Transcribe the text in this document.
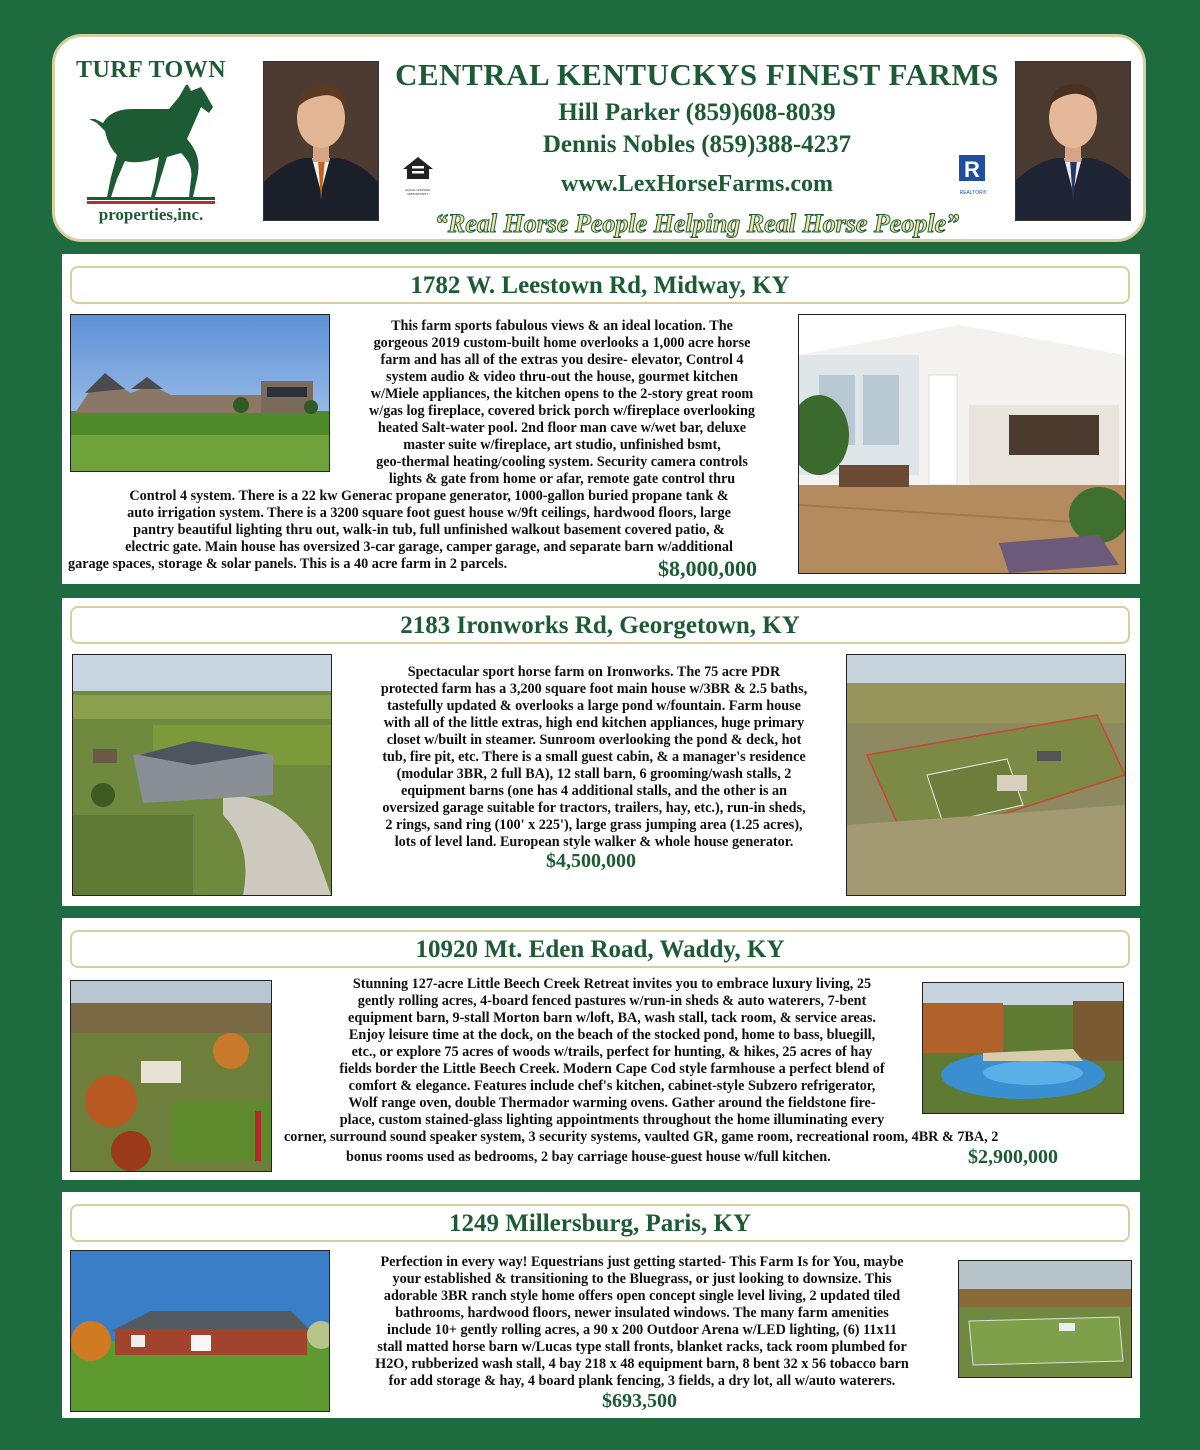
TURF TOWN
properties,inc.
CENTRAL KENTUCKYS FINEST FARMS
Hill Parker (859)608-8039
Dennis Nobles (859)388-4237
www.LexHorseFarms.com
“Real Horse People Helping Real Horse People”
EQUAL HOUSING OPPORTUNITY
R
REALTOR®
1782 W. Leestown Rd, Midway, KY

This farm sports fabulous views & an ideal location. The

gorgeous 2019 custom-built home overlooks a 1,000 acre horse

farm and has all of the extras you desire- elevator, Control 4

system audio & video thru-out the house, gourmet kitchen

w/Miele appliances, the kitchen opens to the 2-story great room

w/gas log fireplace, covered brick porch w/fireplace overlooking

heated Salt-water pool. 2nd floor man cave w/wet bar, deluxe

master suite w/fireplace, art studio, unfinished bsmt,

geo-thermal heating/cooling system. Security camera controls

lights & gate from home or afar, remote gate control thru

Control 4 system. There is a 22 kw Generac propane generator, 1000-gallon buried propane tank &

auto irrigation system. There is a 3200 square foot guest house w/9ft ceilings, hardwood floors, large

pantry beautiful lighting thru out, walk-in tub, full unfinished walkout basement covered patio, &

electric gate. Main house has oversized 3-car garage, camper garage, and separate barn w/additional

garage spaces, storage & solar panels. This is a 40 acre farm in 2 parcels.	$8,000,000
2183 Ironworks Rd, Georgetown, KY

Spectacular sport horse farm on Ironworks. The 75 acre PDR

protected farm has a 3,200 square foot main house w/3BR & 2.5 baths,

tastefully updated & overlooks a large pond w/fountain. Farm house

with all of the little extras, high end kitchen appliances, huge primary

closet w/built in steamer. Sunroom overlooking the pond & deck, hot

tub, fire pit, etc. There is a small guest cabin, & a manager's residence

(modular 3BR, 2 full BA), 12 stall barn, 6 grooming/wash stalls, 2

equipment barns (one has 4 additional stalls, and the other is an

oversized garage suitable for tractors, trailers, hay, etc.), run-in sheds,

2 rings, sand ring (100' x 225'), large grass jumping area (1.25 acres),

lots of level land. European style walker & whole house generator.

$4,500,000
10920 Mt. Eden Road, Waddy, KY

Stunning 127-acre Little Beech Creek Retreat invites you to embrace luxury living, 25

gently rolling acres, 4-board fenced pastures w/run-in sheds & auto waterers, 7-bent

equipment barn, 9-stall Morton barn w/loft, BA, wash stall, tack room, & service areas.

Enjoy leisure time at the dock, on the beach of the stocked pond, home to bass, bluegill,

etc., or explore 75 acres of woods w/trails, perfect for hunting, & hikes, 25 acres of hay

fields border the Little Beech Creek. Modern Cape Cod style farmhouse a perfect blend of

comfort & elegance. Features include chef's kitchen, cabinet-style Subzero refrigerator,

Wolf range oven, double Thermador warming ovens. Gather around the fieldstone fire-

place, custom stained-glass lighting appointments throughout the home illuminating every

corner, surround sound speaker system, 3 security systems, vaulted GR, game room, recreational room, 4BR & 7BA, 2

bonus rooms used as bedrooms, 2 bay carriage house-guest house w/full kitchen.	$2,900,000
1249 Millersburg, Paris, KY

Perfection in every way! Equestrians just getting started- This Farm Is for You, maybe

your established & transitioning to the Bluegrass, or just looking to downsize. This

adorable 3BR ranch style home offers open concept single level living, 2 updated tiled

bathrooms, hardwood floors, newer insulated windows. The many farm amenities

include 10+ gently rolling acres, a 90 x 200 Outdoor Arena w/LED lighting, (6) 11x11

stall matted horse barn w/Lucas type stall fronts, blanket racks, tack room plumbed for

H2O, rubberized wash stall, 4 bay 218 x 48 equipment barn, 8 bent 32 x 56 tobacco barn

for add storage & hay, 4 board plank fencing, 3 fields, a dry lot, all w/auto waterers.

$693,500
